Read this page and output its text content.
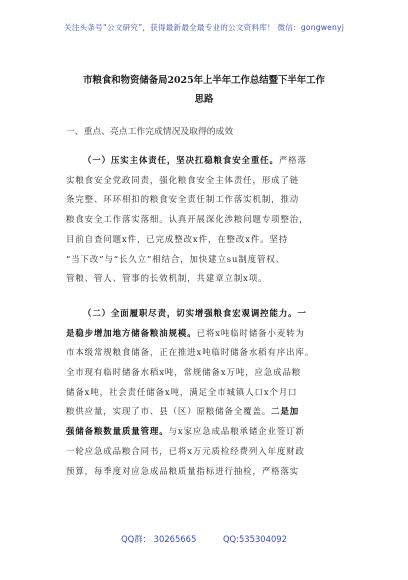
关注头条号“公文研究”，获得最新最全最专业的公文资料库！ 微信：gongwenyj
市粮食和物资储备局2025年上半年工作总结暨下半年工作
思路
一、重点、亮点工作完成情况及取得的成效
（一）压实主体责任，坚决扛稳粮食安全重任。严格落
实粮食安全党政同责，强化粮食安全主体责任，形成了链
条完整、环环相扣的粮食安全责任制工作落实机制，推动
粮食安全工作落实落细。认真开展深化涉粮问题专项整治，
目前自查问题x件，已完成整改x件，在整改x件。坚持
“当下改”与“长久立”相结合，加快建立su制度管权、
管粮、管人、管事的长效机制，共建章立制x项。
（二）全面履职尽责，切实增强粮食宏观调控能力。一
是稳步增加地方储备粮油规模。已将x吨临时储备小麦转为
市本级常规粮食储备，正在推进x吨临时储备水稻有序出库。
全市现有临时储备水稻x吨，常规储备x万吨，应急成品粮
储备x吨，社会责任储备x吨，满足全市城镇人口x个月口
粮供应量，实现了市、县（区）原粮储备全覆盖。二是加
强储备粮数量质量管理。与x家应急成品粮承储企业签订新
一轮应急成品粮合同书，已将x万元质检经费列入年度财政
预算，每季度对应急成品粮质量指标进行抽检，严格落实
QQ群： 30265665	QQ:535304092
